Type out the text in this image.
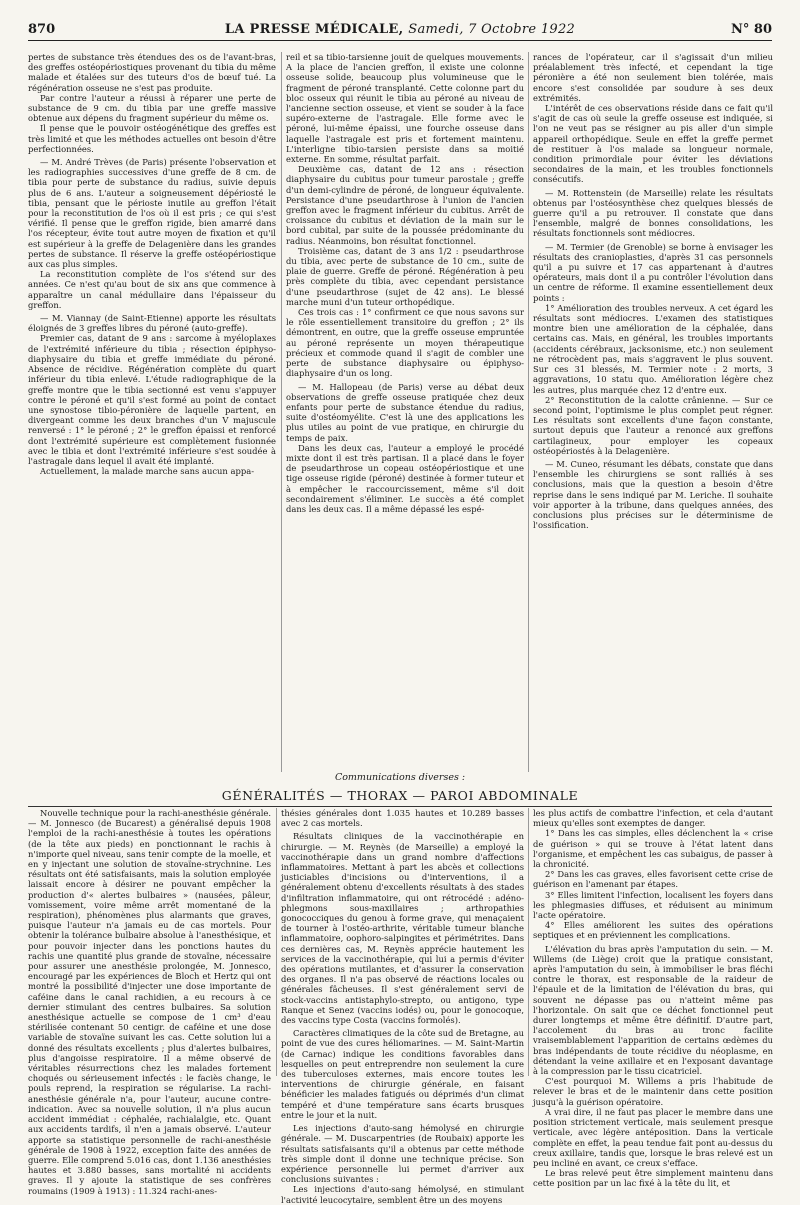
870	LA PRESSE MÉDICALE, Samedi, 7 Octobre 1922	N° 80

pertes de substance très étendues des os de l'avant-bras, des greffes ostéopériostiques provenant du tibia du même malade et étalées sur des tuteurs d'os de bœuf tué. La régénération osseuse ne s'est pas produite.

Par contre l'auteur a réussi à réparer une perte de substance de 9 cm. du tibia par une greffe massive obtenue aux dépens du fragment supérieur du même os.

Il pense que le pouvoir ostéogénétique des greffes est très limité et que les méthodes actuelles ont besoin d'être perfectionnées.

— M. André Trèves (de Paris) présente l'observation et les radiographies successives d'une greffe de 8 cm. de tibia pour perte de substance du radius, suivie depuis plus de 6 ans. L'auteur a soigneusement dépériosté le tibia, pensant que le périoste inutile au greffon l'était pour la reconstitution de l'os où il est pris ; ce qui s'est vérifié. Il pense que le greffon rigide, bien amarré dans l'os récepteur, évite tout autre moyen de fixation et qu'il est supérieur à la greffe de Delagenière dans les grandes pertes de substance. Il réserve la greffe ostéopériostique aux cas plus simples.

La reconstitution complète de l'os s'étend sur des années. Ce n'est qu'au bout de six ans que commence à apparaître un canal médullaire dans l'épaisseur du greffon.

— M. Viannay (de Saint-Etienne) apporte les résultats éloignés de 3 greffes libres du péroné (auto-greffe).

Premier cas, datant de 9 ans : sarcome à myéloplaxes de l'extrémité inférieure du tibia ; résection épiphyso-diaphysaire du tibia et greffe immédiate du péroné. Absence de récidive. Régénération complète du quart inférieur du tibia enlevé. L'étude radiographique de la greffe montre que le tibia sectionné est venu s'appuyer contre le péroné et qu'il s'est formé au point de contact une synostose tibio-péronière de laquelle partent, en divergeant comme les deux branches d'un V majuscule renversé : 1° le péroné ; 2° le greffon épaissi et renforcé dont l'extrémité supérieure est complètement fusionnée avec le tibia et dont l'extrémité inférieure s'est soudée à l'astragale dans lequel il avait été implanté.

Actuellement, la malade marche sans aucun appa-

reil et sa tibio-tarsienne jouit de quelques mouvements. A la place de l'ancien greffon, il existe une colonne osseuse solide, beaucoup plus volumineuse que le fragment de péroné transplanté. Cette colonne part du bloc osseux qui réunit le tibia au péroné au niveau de l'ancienne section osseuse, et vient se souder à la face supéro-externe de l'astragale. Elle forme avec le péroné, lui-même épaissi, une fourche osseuse dans laquelle l'astragale est pris et fortement maintenu. L'interligne tibio-tarsien persiste dans sa moitié externe. En somme, résultat parfait.

Deuxième cas, datant de 12 ans : résection diaphysaire du cubitus pour tumeur parostale ; greffe d'un demi-cylindre de péroné, de longueur équivalente. Persistance d'une pseudarthrose à l'union de l'ancien greffon avec le fragment inférieur du cubitus. Arrêt de croissance du cubitus et déviation de la main sur le bord cubital, par suite de la poussée prédominante du radius. Néanmoins, bon résultat fonctionnel.

Troisième cas, datant de 3 ans 1/2 : pseudarthrose du tibia, avec perte de substance de 10 cm., suite de plaie de guerre. Greffe de péroné. Régénération à peu près complète du tibia, avec cependant persistance d'une pseudarthrose (sujet de 42 ans). Le blessé marche muni d'un tuteur orthopédique.

Ces trois cas : 1° confirment ce que nous savons sur le rôle essentiellement transitoire du greffon ; 2° ils démontrent, en outre, que la greffe osseuse empruntée au péroné représente un moyen thérapeutique précieux et commode quand il s'agit de combler une perte de substance diaphysaire ou épiphyso-diaphysaire d'un os long.

— M. Hallopeau (de Paris) verse au débat deux observations de greffe osseuse pratiquée chez deux enfants pour perte de substance étendue du radius, suite d'ostéomyélite. C'est là une des applications les plus utiles au point de vue pratique, en chirurgie du temps de paix.

Dans les deux cas, l'auteur a employé le procédé mixte dont il est très partisan. Il a placé dans le foyer de pseudarthrose un copeau ostéopériostique et une tige osseuse rigide (péroné) destinée à former tuteur et à empêcher le raccourcissement, même s'il doit secondairement s'éliminer. Le succès a été complet dans les deux cas. Il a même dépassé les espé-

rances de l'opérateur, car il s'agissait d'un milieu préalablement très infecté, et cependant la tige péronière a été non seulement bien tolérée, mais encore s'est consolidée par soudure à ses deux extrémités.

L'intérêt de ces observations réside dans ce fait qu'il s'agit de cas où seule la greffe osseuse est indiquée, si l'on ne veut pas se résigner au pis aller d'un simple appareil orthopédique. Seule en effet la greffe permet de restituer à l'os malade sa longueur normale, condition primordiale pour éviter les déviations secondaires de la main, et les troubles fonctionnels consécutifs.

— M. Rottenstein (de Marseille) relate les résultats obtenus par l'ostéosynthèse chez quelques blessés de guerre qu'il a pu retrouver. Il constate que dans l'ensemble, malgré de bonnes consolidations, les résultats fonctionnels sont médiocres.

— M. Termier (de Grenoble) se borne à envisager les résultats des cranioplasties, d'après 31 cas personnels qu'il a pu suivre et 17 cas appartenant à d'autres opérateurs, mais dont il a pu contrôler l'évolution dans un centre de réforme. Il examine essentiellement deux points :

1° Amélioration des troubles nerveux. A cet égard les résultats sont médiocres. L'examen des statistiques montre bien une amélioration de la céphalée, dans certains cas. Mais, en général, les troubles importants (accidents cérébraux, jacksonisme, etc.) non seulement ne rétrocèdent pas, mais s'aggravent le plus souvent. Sur ces 31 blessés, M. Termier note : 2 morts, 3 aggravations, 10 statu quo. Amélioration légère chez les autres, plus marquée chez 12 d'entre eux.

2° Reconstitution de la calotte crânienne. — Sur ce second point, l'optimisme le plus complet peut régner. Les résultats sont excellents d'une façon constante, surtout depuis que l'auteur a renoncé aux greffons cartilagineux, pour employer les copeaux ostéopériostés à la Delagenière.

— M. Cuneo, résumant les débats, constate que dans l'ensemble les chirurgiens se sont ralliés à ses conclusions, mais que la question a besoin d'être reprise dans le sens indiqué par M. Leriche. Il souhaite voir apporter à la tribune, dans quelques années, des conclusions plus précises sur le déterminisme de l'ossification.

Communications diverses :
GÉNÉRALITÉS — THORAX — PAROI ABDOMINALE

Nouvelle technique pour la rachi-anesthésie générale. — M. Jonnesco (de Bucarest) a généralisé depuis 1908 l'emploi de la rachi-anesthésie à toutes les opérations (de la tête aux pieds) en ponctionnant le rachis à n'importe quel niveau, sans tenir compte de la moelle, et en y injectant une solution de stovaïne-strychnine. Les résultats ont été satisfaisants, mais la solution employée laissait encore à désirer ne pouvant empêcher la production d'« alertes bulbaires » (nausées, pâleur, vomissement, voire même arrêt momentané de la respiration), phénomènes plus alarmants que graves, puisque l'auteur n'a jamais eu de cas mortels. Pour obtenir la tolérance bulbaire absolue à l'anesthésique, et pour pouvoir injecter dans les ponctions hautes du rachis une quantité plus grande de stovaïne, nécessaire pour assurer une anesthésie prolongée, M. Jonnesco, encouragé par les expériences de Bloch et Hertz qui ont montré la possibilité d'injecter une dose importante de caféine dans le canal rachidien, a eu recours à ce dernier stimulant des centres bulbaires. Sa solution anesthésique actuelle se compose de 1 cm³ d'eau stérilisée contenant 50 centigr. de caféine et une dose variable de stovaïne suivant les cas. Cette solution lui a donné des résultats excellents ; plus d'alertes bulbaires, plus d'angoisse respiratoire. Il a même observé de véritables résurrections chez les malades fortement choqués ou sérieusement infectés : le faciès change, le pouls reprend, la respiration se régularise. La rachi-anesthésie générale n'a, pour l'auteur, aucune contre-indication. Avec sa nouvelle solution, il n'a plus aucun accident immédiat : céphalée, rachialalgie, etc. Quant aux accidents tardifs, il n'en a jamais observé. L'auteur apporte sa statistique personnelle de rachi-anesthésie générale de 1908 à 1922, exception faite des années de guerre. Elle comprend 5.016 cas, dont 1.136 anesthésies hautes et 3.880 basses, sans mortalité ni accidents graves. Il y ajoute la statistique de ses confrères roumains (1909 à 1913) : 11.324 rachi-anes-

thésies générales dont 1.035 hautes et 10.289 basses avec 2 cas mortels.

Résultats cliniques de la vaccinothérapie en chirurgie. — M. Reynès (de Marseille) a employé la vaccinothérapie dans un grand nombre d'affections inflammatoires. Mettant à part les abcès et collections justiciables d'incisions ou d'interventions, il a généralement obtenu d'excellents résultats à des stades d'infiltration inflammatoire, qui ont rétrocédé : adéno-phlegmons sous-maxillaires ; arthropathies gonococciques du genou à forme grave, qui menaçaient de tourner à l'ostéo-arthrite, véritable tumeur blanche inflammatoire, oophoro-salpingites et périmétrites. Dans ces dernières cas, M. Reynès apprécie hautement les services de la vaccinothérapie, qui lui a permis d'éviter des opérations mutilantes, et d'assurer la conservation des organes. Il n'a pas observé de réactions locales ou générales fâcheuses. Il s'est généralement servi de stock-vaccins antistaphylo-strepto, ou antigono, type Ranque et Senez (vaccins iodés) ou, pour le gonocoque, des vaccins type Costa (vaccins formolés).

Caractères climatiques de la côte sud de Bretagne, au point de vue des cures héliomarines. — M. Saint-Martin (de Carnac) indique les conditions favorables dans lesquelles on peut entreprendre non seulement la cure des tuberculoses externes, mais encore toutes les interventions de chirurgie générale, en faisant bénéficier les malades fatigués ou déprimés d'un climat tempéré et d'une température sans écarts brusques entre le jour et la nuit.

Les injections d'auto-sang hémolysé en chirurgie générale. — M. Duscarpentries (de Roubaix) apporte les résultats satisfaisants qu'il a obtenus par cette méthode très simple dont il donne une technique précise. Son expérience personnelle lui permet d'arriver aux conclusions suivantes :

Les injections d'auto-sang hémolysé, en stimulant l'activité leucocytaire, semblent être un des moyens

les plus actifs de combattre l'infection, et cela d'autant mieux qu'elles sont exemptes de danger.

1° Dans les cas simples, elles déclenchent la « crise de guérison » qui se trouve à l'état latent dans l'organisme, et empêchent les cas subaigus, de passer à la chronicité.

2° Dans les cas graves, elles favorisent cette crise de guérison en l'amenant par étapes.

3° Elles limitent l'infection, localisent les foyers dans les phlegmasies diffuses, et réduisent au minimum l'acte opératoire.

4° Elles améliorent les suites des opérations septiques et en préviennent les complications.

L'élévation du bras après l'amputation du sein. — M. Willems (de Liège) croit que la pratique consistant, après l'amputation du sein, à immobiliser le bras fléchi contre le thorax, est responsable de la raideur de l'épaule et de la limitation de l'élévation du bras, qui souvent ne dépasse pas ou n'atteint même pas l'horizontale. On sait que ce déchet fonctionnel peut durer longtemps et même être définitif. D'autre part, l'accolement du bras au tronc facilite vraisemblablement l'apparition de certains œdèmes du bras indépendants de toute récidive du néoplasme, en détendant la veine axillaire et en l'exposant davantage à la compression par le tissu cicatriciel.

C'est pourquoi M. Willems a pris l'habitude de relever le bras et de le maintenir dans cette position jusqu'à la guérison opératoire.

A vrai dire, il ne faut pas placer le membre dans une position strictement verticale, mais seulement presque verticale, avec légère antéposition. Dans la verticale complète en effet, la peau tendue fait pont au-dessus du creux axillaire, tandis que, lorsque le bras relevé est un peu incliné en avant, ce creux s'efface.

Le bras relevé peut être simplement maintenu dans cette position par un lac fixé à la tête du lit, et
